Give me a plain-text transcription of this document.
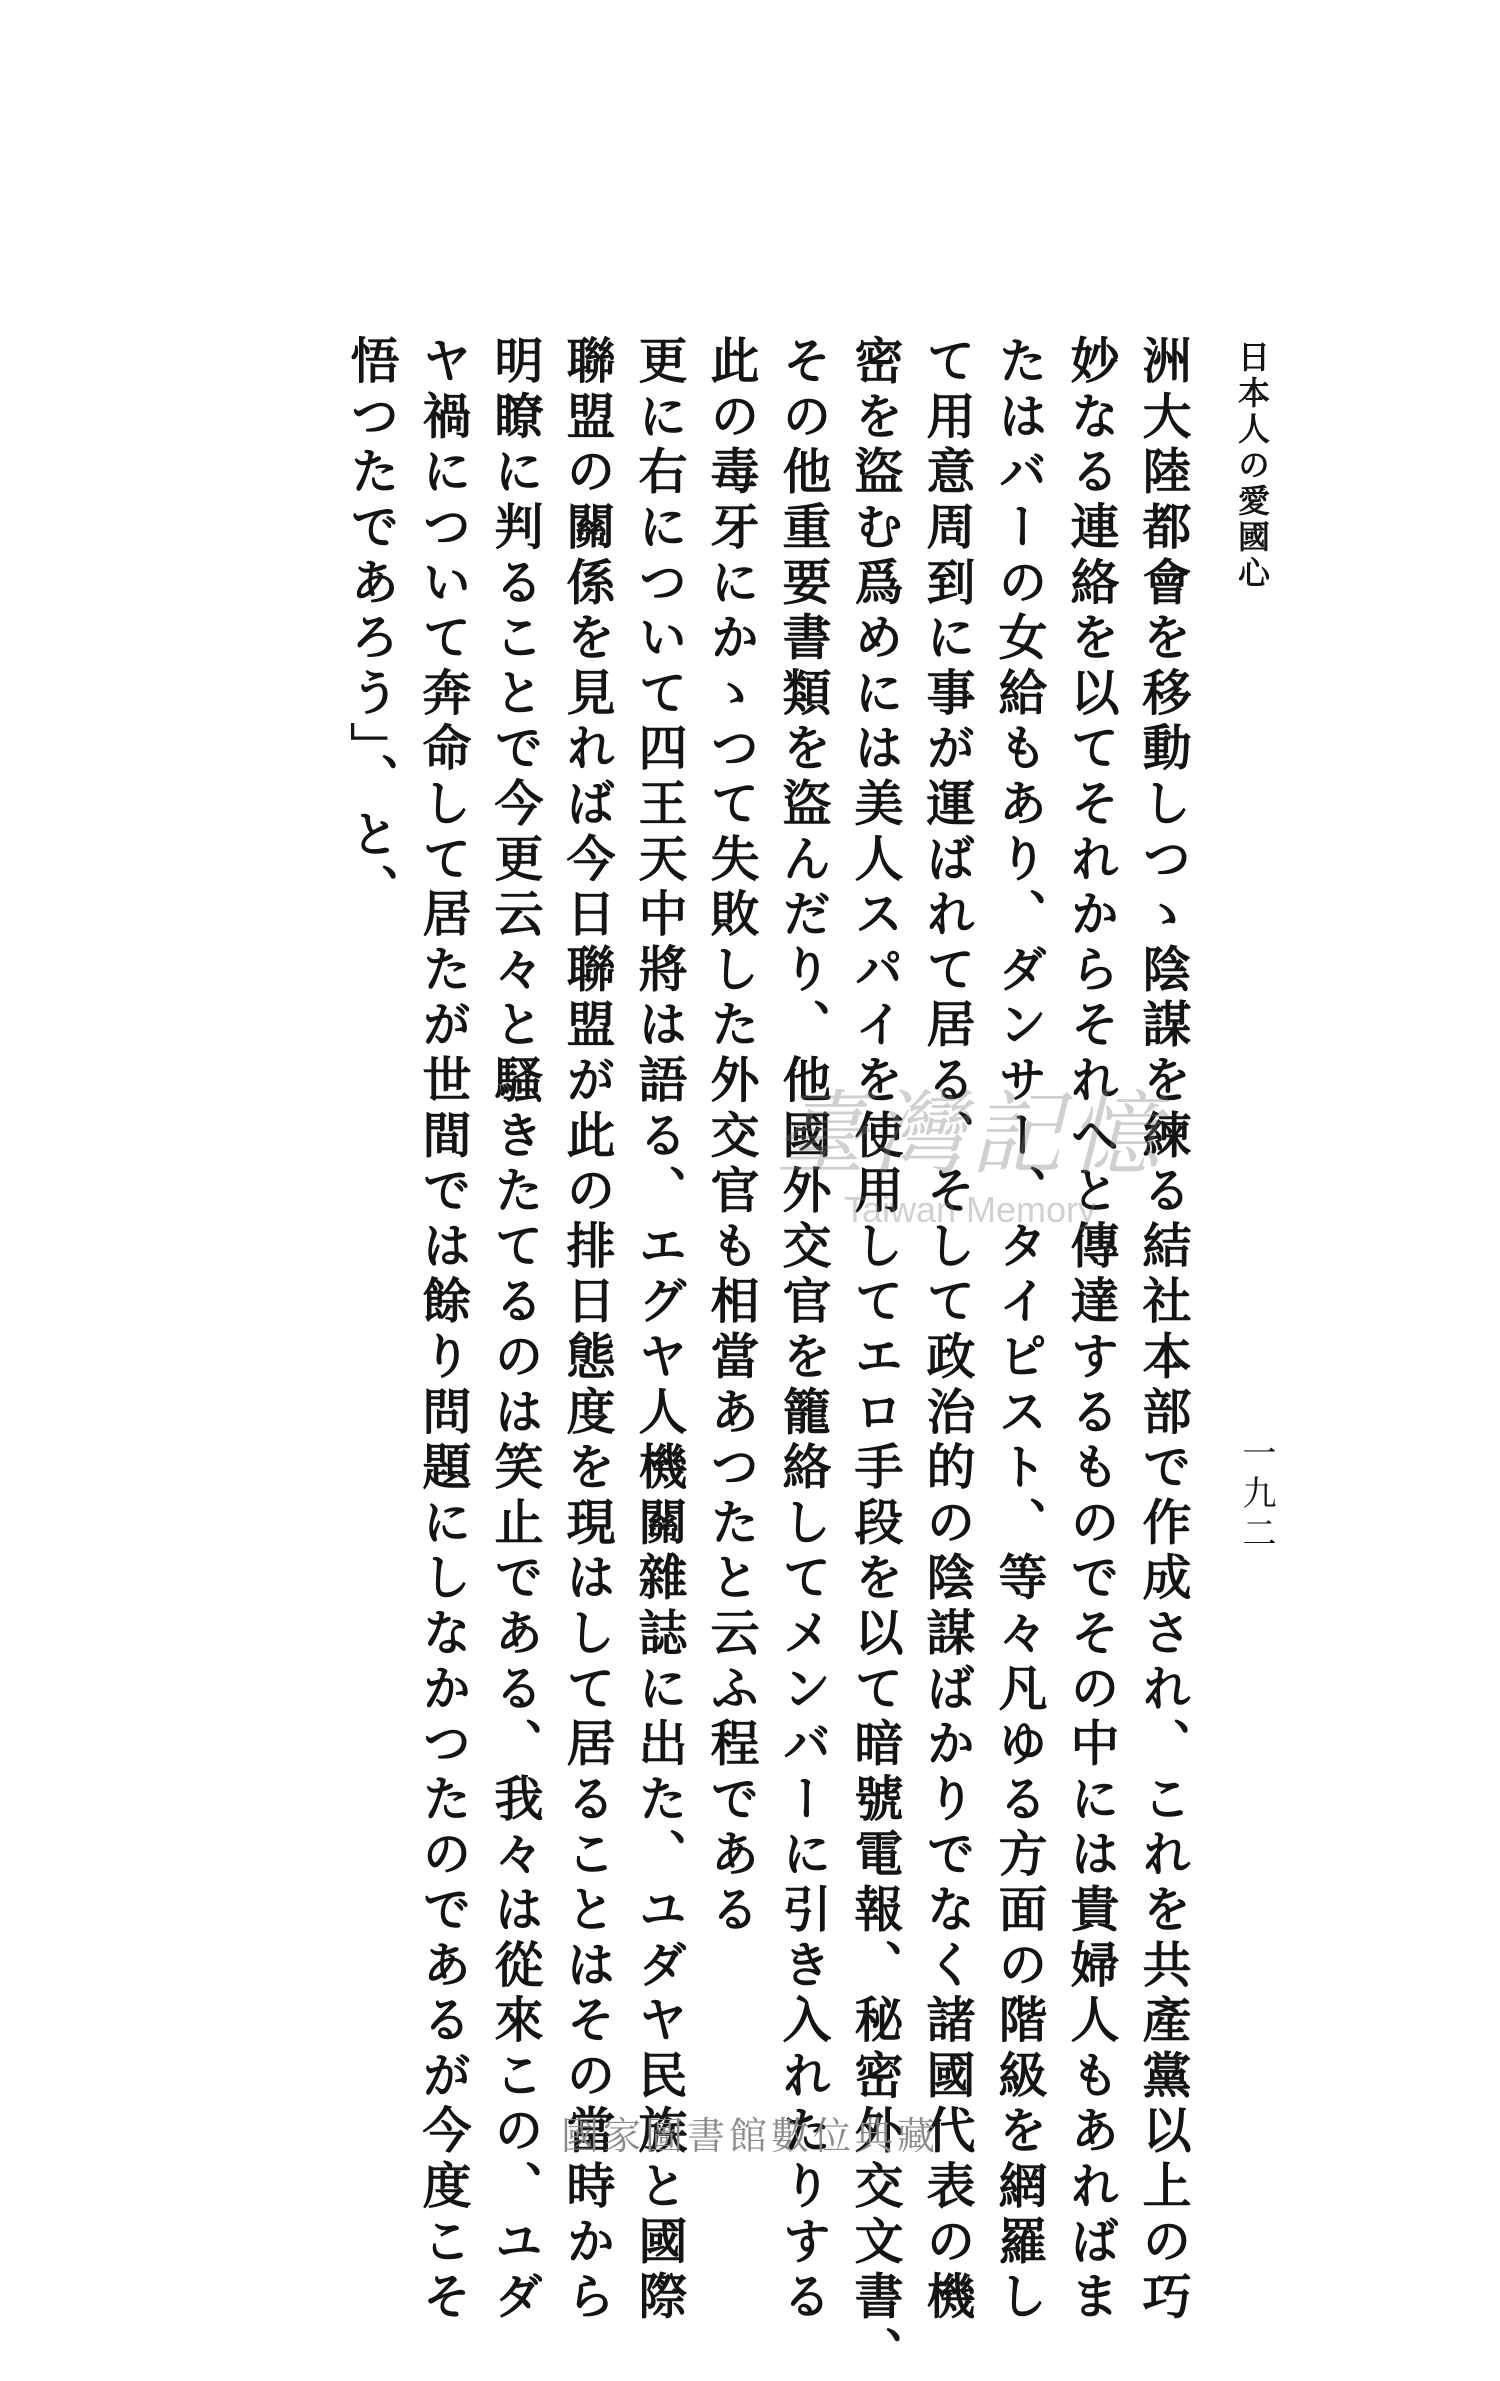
日本人の愛國心
一九二
洲大陸都會を移動しつゝ陰謀を練る結社本部で作成され、これを共產黨以上の巧
妙なる連絡を以てそれからそれへと傳達するものでその中には貴婦人もあればま
たはバーの女給もあり、ダンサー、タイピスト、等々凡ゆる方面の階級を網羅し
て用意周到に事が運ばれて居る、そして政治的の陰謀ばかりでなく諸國代表の機
密を盜む爲めには美人スパイを使用してエロ手段を以て暗號電報、秘密外交文書、
その他重要書類を盜んだり、他國外交官を籠絡してメンバーに引き入れたりする
此の毒牙にかゝつて失敗した外交官も相當あつたと云ふ程である
更に右について四王天中將は語る、エグヤ人機關雜誌に出た、ユダヤ民族と國際
聯盟の關係を見れば今日聯盟が此の排日態度を現はして居ることはその當時から
明瞭に判ることで今更云々と騷きたてるのは笑止である、我々は從來この、ユダ
ヤ禍について奔命して居たが世間では餘り問題にしなかつたのであるが今度こそ
悟つたであろう」、と、
臺灣記憶
Taiwan Memory
國家圖書館數位典藏
